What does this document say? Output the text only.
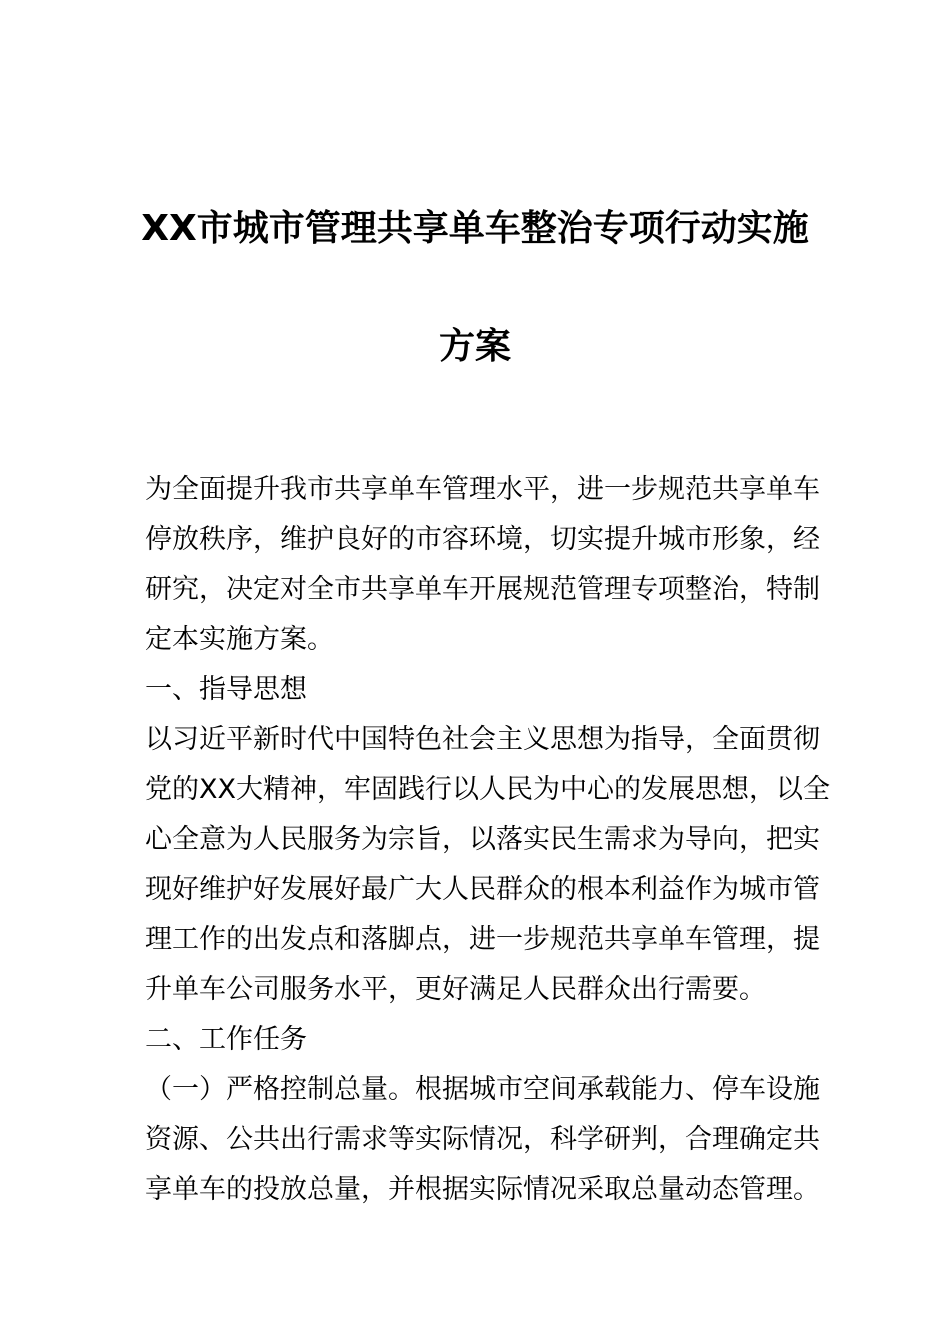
XX市城市管理共享单车整治专项行动实施
方案
为全面提升我市共享单车管理水平，进一步规范共享单车
停放秩序，维护良好的市容环境，切实提升城市形象，经
研究，决定对全市共享单车开展规范管理专项整治，特制
定本实施方案。
一、指导思想
以习近平新时代中国特色社会主义思想为指导，全面贯彻
党的XX大精神，牢固践行以人民为中心的发展思想，以全
心全意为人民服务为宗旨，以落实民生需求为导向，把实
现好维护好发展好最广大人民群众的根本利益作为城市管
理工作的出发点和落脚点，进一步规范共享单车管理，提
升单车公司服务水平，更好满足人民群众出行需要。
二、工作任务
（一）严格控制总量。根据城市空间承载能力、停车设施
资源、公共出行需求等实际情况，科学研判，合理确定共
享单车的投放总量，并根据实际情况采取总量动态管理。
